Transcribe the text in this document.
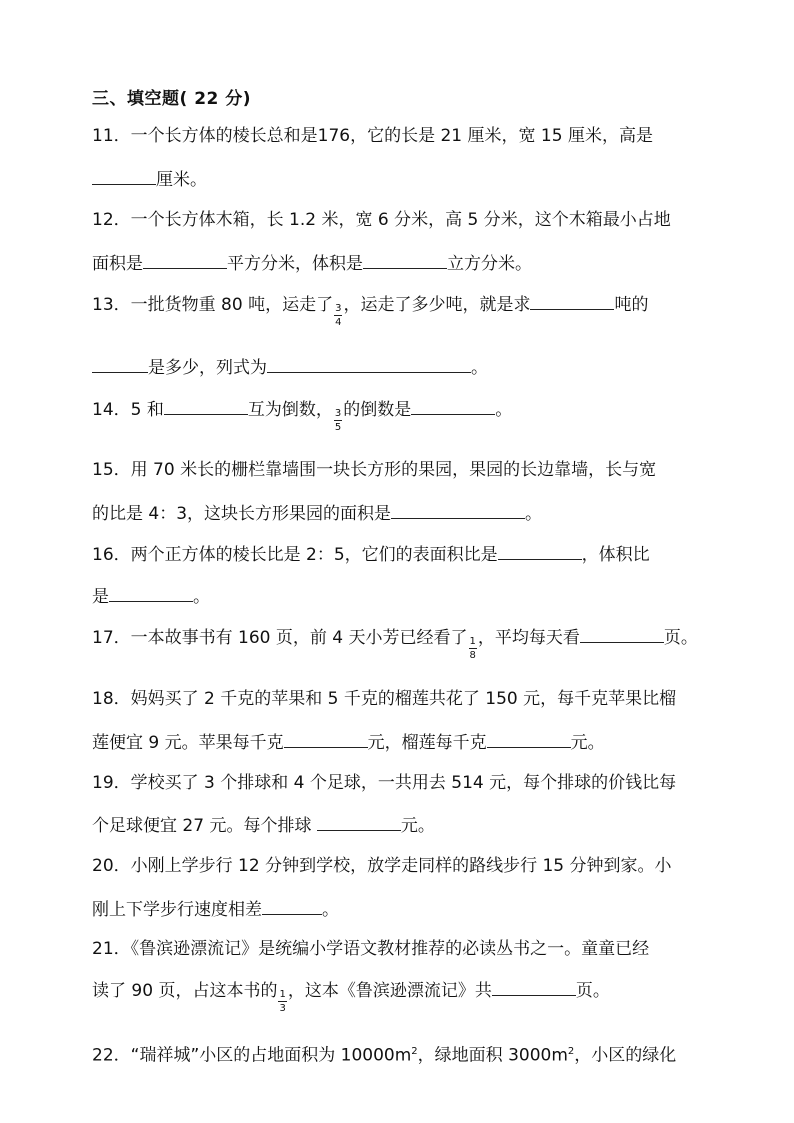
三、填空题( 22 分)
11．一个长方体的棱长总和是176，它的长是 21 厘米，宽 15 厘米，高是
厘米。
12．一个长方体木箱，长 1.2 米，宽 6 分米，高 5 分米，这个木箱最小占地
面积是	平方分米，体积是	立方分米。
13．一批货物重 80 吨，运走了 $\frac{3}{4}$ ，运走了多少吨，就是求	吨的
是多少，列式为	。
14．5 和	互为倒数， $\frac{3}{5}$ 的倒数是	。
15．用 70 米长的栅栏靠墙围一块长方形的果园，果园的长边靠墙，长与宽
的比是 4：3，这块长方形果园的面积是	。
16．两个正方体的棱长比是 2：5，它们的表面积比是	，体积比
是	。
17．一本故事书有 160 页，前 4 天小芳已经看了 $\frac{1}{8}$ ，平均每天看	页。
18．妈妈买了 2 千克的苹果和 5 千克的榴莲共花了 150 元，每千克苹果比榴
莲便宜 9 元。苹果每千克	元，榴莲每千克	元。
19．学校买了 3 个排球和 4 个足球，一共用去 514 元，每个排球的价钱比每
个足球便宜 27 元。每个排球	元。
20．小刚上学步行 12 分钟到学校，放学走同样的路线步行 15 分钟到家。小
刚上下学步行速度相差	。
21．《鲁滨逊漂流记》是统编小学语文教材推荐的必读丛书之一。童童已经
读了 90 页，占这本书的 $\frac{1}{3}$ ，这本《鲁滨逊漂流记》共	页。
22．“瑞祥城”小区的占地面积为 $10000m^2$，绿地面积 $3000m^2$，小区的绿化
